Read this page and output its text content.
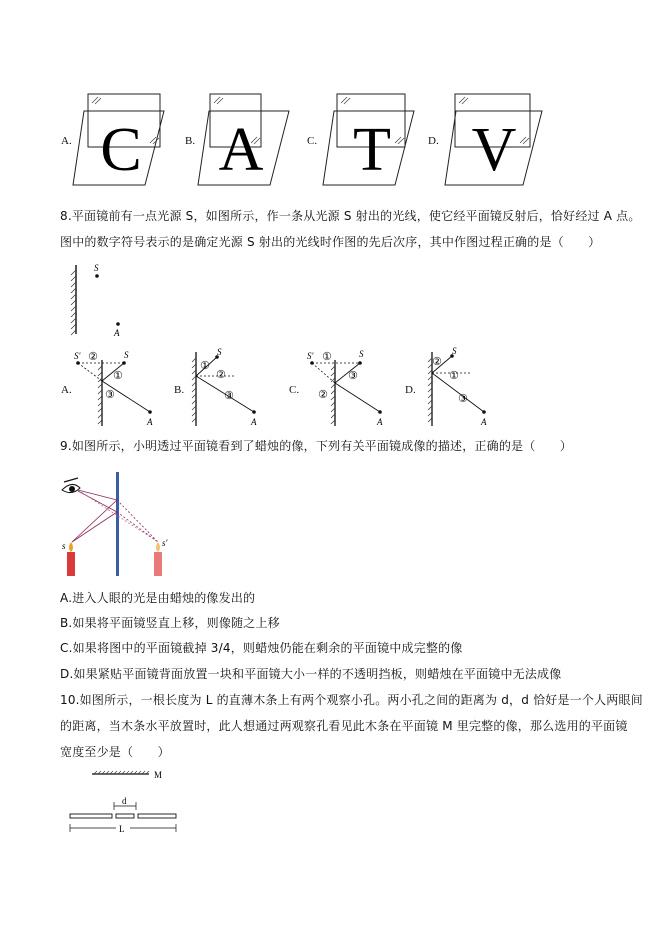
A. C	B. A	C. T	D. V
8.平面镜前有一点光源 S，如图所示，作一条从光源 S 射出的光线，使它经平面镜反射后，恰好经过 A 点。
图中的数字符号表示的是确定光源 S 射出的光线时作图的先后次序，其中作图过程正确的是（　　）
S
A
A.
S'	S
A
②
①
③	B.
S
A
①
②
③	C.
S'	S
A
①
③
②	D.
S
A
②
①
③
9.如图所示，小明透过平面镜看到了蜡烛的像，下列有关平面镜成像的描述，正确的是（　　）
s	s'
A.进入人眼的光是由蜡烛的像发出的
B.如果将平面镜竖直上移，则像随之上移
C.如果将图中的平面镜截掉 3/4，则蜡烛仍能在剩余的平面镜中成完整的像
D.如果紧贴平面镜背面放置一块和平面镜大小一样的不透明挡板，则蜡烛在平面镜中无法成像
10.如图所示，一根长度为 L 的直薄木条上有两个观察小孔。两小孔之间的距离为 d，d 恰好是一个人两眼间
的距离，当木条水平放置时，此人想通过两观察孔看见此木条在平面镜 M 里完整的像，那么选用的平面镜
宽度至少是（　　）
M
d
L
